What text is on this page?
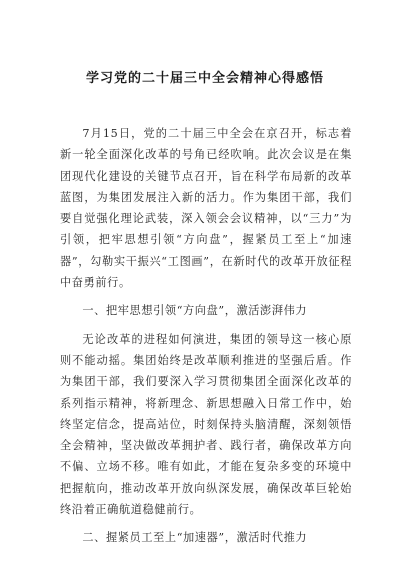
学习党的二十届三中全会精神心得感悟

7月15日，党的二十届三中全会在京召开，标志着新一轮全面深化改革的号角已经吹响。此次会议是在集团现代化建设的关键节点召开，旨在科学布局新的改革蓝图，为集团发展注入新的活力。作为集团干部，我们要自觉强化理论武装，深入领会会议精神，以“三力”为引领，把牢思想引领“方向盘”，握紧员工至上“加速器”，勾勒实干振兴“工图画”，在新时代的改革开放征程中奋勇前行。

一、把牢思想引领“方向盘”，激活澎湃伟力

无论改革的进程如何演进，集团的领导这一核心原则不能动摇。集团始终是改革顺利推进的坚强后盾。作为集团干部，我们要深入学习贯彻集团全面深化改革的系列指示精神，将新理念、新思想融入日常工作中，始终坚定信念，提高站位，时刻保持头脑清醒，深刻领悟全会精神，坚决做改革拥护者、践行者，确保改革方向不偏、立场不移。唯有如此，才能在复杂多变的环境中把握航向，推动改革开放向纵深发展，确保改革巨轮始终沿着正确航道稳健前行。

二、握紧员工至上“加速器”，激活时代推力
